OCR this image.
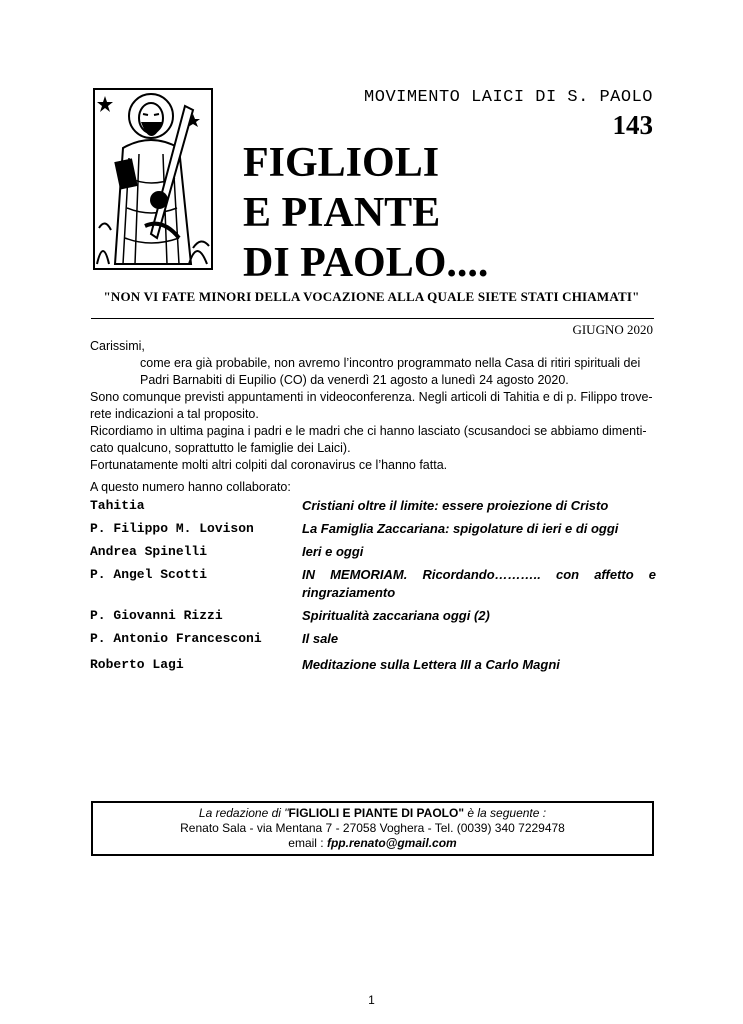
MOVIMENTO LAICI DI S. PAOLO
143
FIGLIOLI
E PIANTE
DI PAOLO....
"NON VI FATE MINORI DELLA VOCAZIONE ALLA QUALE SIETE STATI CHIAMATI"
GIUGNO 2020
Carissimi,
come era già probabile, non avremo l’incontro programmato nella Casa di ritiri spirituali dei Padri Barnabiti di Eupilio (CO) da venerdì 21 agosto a lunedì 24 agosto 2020.
Sono comunque previsti appuntamenti in videoconferenza. Negli articoli di Tahitia e di p. Filippo trove-rete indicazioni a tal proposito.
Ricordiamo in ultima pagina i padri e le madri che ci hanno lasciato (scusandoci se abbiamo dimenti-cato qualcuno, soprattutto le famiglie dei Laici).
Fortunatamente molti altri colpiti dal coronavirus ce l’hanno fatta.
A questo numero hanno collaborato:
Tahitia	Cristiani oltre il limite: essere proiezione di Cristo
P. Filippo M. Lovison	La Famiglia Zaccariana: spigolature di ieri e di oggi
Andrea Spinelli	Ieri e oggi
P. Angel Scotti	IN MEMORIAM. Ricordando……….. con affetto e ringraziamento
P. Giovanni Rizzi	Spiritualità zaccariana oggi (2)
P. Antonio Francesconi	Il sale
Roberto Lagi	Meditazione sulla Lettera III a Carlo Magni
La redazione di "FIGLIOLI E PIANTE DI PAOLO" è la seguente :
Renato Sala - via Mentana 7 - 27058 Voghera - Tel. (0039) 340 7229478
email : fpp.renato@gmail.com
1
